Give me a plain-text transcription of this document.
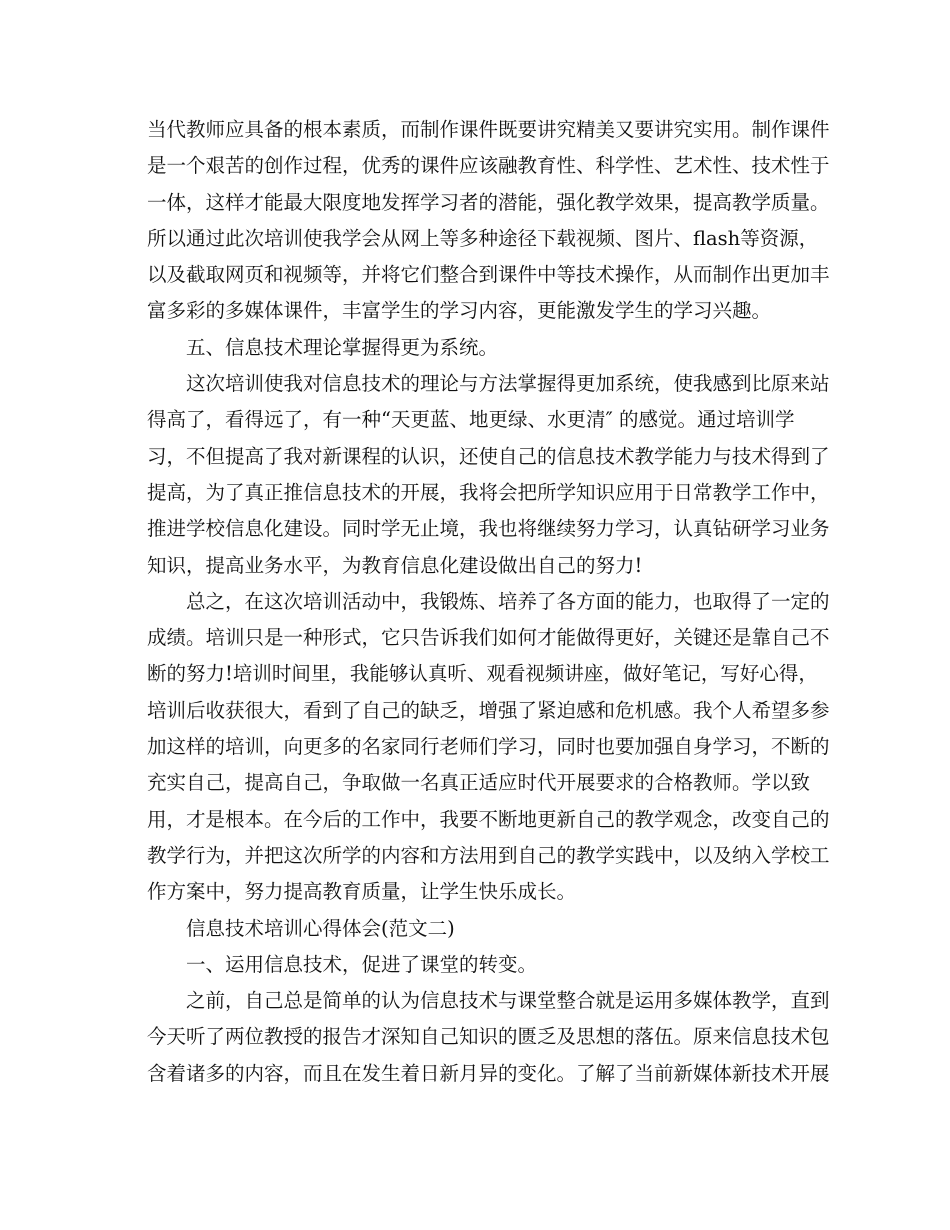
当代教师应具备的根本素质，而制作课件既要讲究精美又要讲究实用。制作课件
是一个艰苦的创作过程，优秀的课件应该融教育性、科学性、艺术性、技术性于
一体，这样才能最大限度地发挥学习者的潜能，强化教学效果，提高教学质量。
所以通过此次培训使我学会从网上等多种途径下载视频、图片、flash等资源，
以及截取网页和视频等，并将它们整合到课件中等技术操作，从而制作出更加丰
富多彩的多媒体课件，丰富学生的学习内容，更能激发学生的学习兴趣。
五、信息技术理论掌握得更为系统。
这次培训使我对信息技术的理论与方法掌握得更加系统，使我感到比原来站
得高了，看得远了，有一种“天更蓝、地更绿、水更清″ 的感觉。通过培训学
习，不但提高了我对新课程的认识，还使自己的信息技术教学能力与技术得到了
提高，为了真正推信息技术的开展，我将会把所学知识应用于日常教学工作中，
推进学校信息化建设。同时学无止境，我也将继续努力学习，认真钻研学习业务
知识，提高业务水平，为教育信息化建设做出自己的努力!
总之，在这次培训活动中，我锻炼、培养了各方面的能力，也取得了一定的
成绩。培训只是一种形式，它只告诉我们如何才能做得更好，关键还是靠自己不
断的努力!培训时间里，我能够认真听、观看视频讲座，做好笔记，写好心得，
培训后收获很大，看到了自己的缺乏，增强了紧迫感和危机感。我个人希望多参
加这样的培训，向更多的名家同行老师们学习，同时也要加强自身学习，不断的
充实自己，提高自己，争取做一名真正适应时代开展要求的合格教师。学以致
用，才是根本。在今后的工作中，我要不断地更新自己的教学观念，改变自己的
教学行为，并把这次所学的内容和方法用到自己的教学实践中，以及纳入学校工
作方案中，努力提高教育质量，让学生快乐成长。
信息技术培训心得体会(范文二)
一、运用信息技术，促进了课堂的转变。
之前，自己总是简单的认为信息技术与课堂整合就是运用多媒体教学，直到
今天听了两位教授的报告才深知自己知识的匮乏及思想的落伍。原来信息技术包
含着诸多的内容，而且在发生着日新月异的变化。了解了当前新媒体新技术开展
